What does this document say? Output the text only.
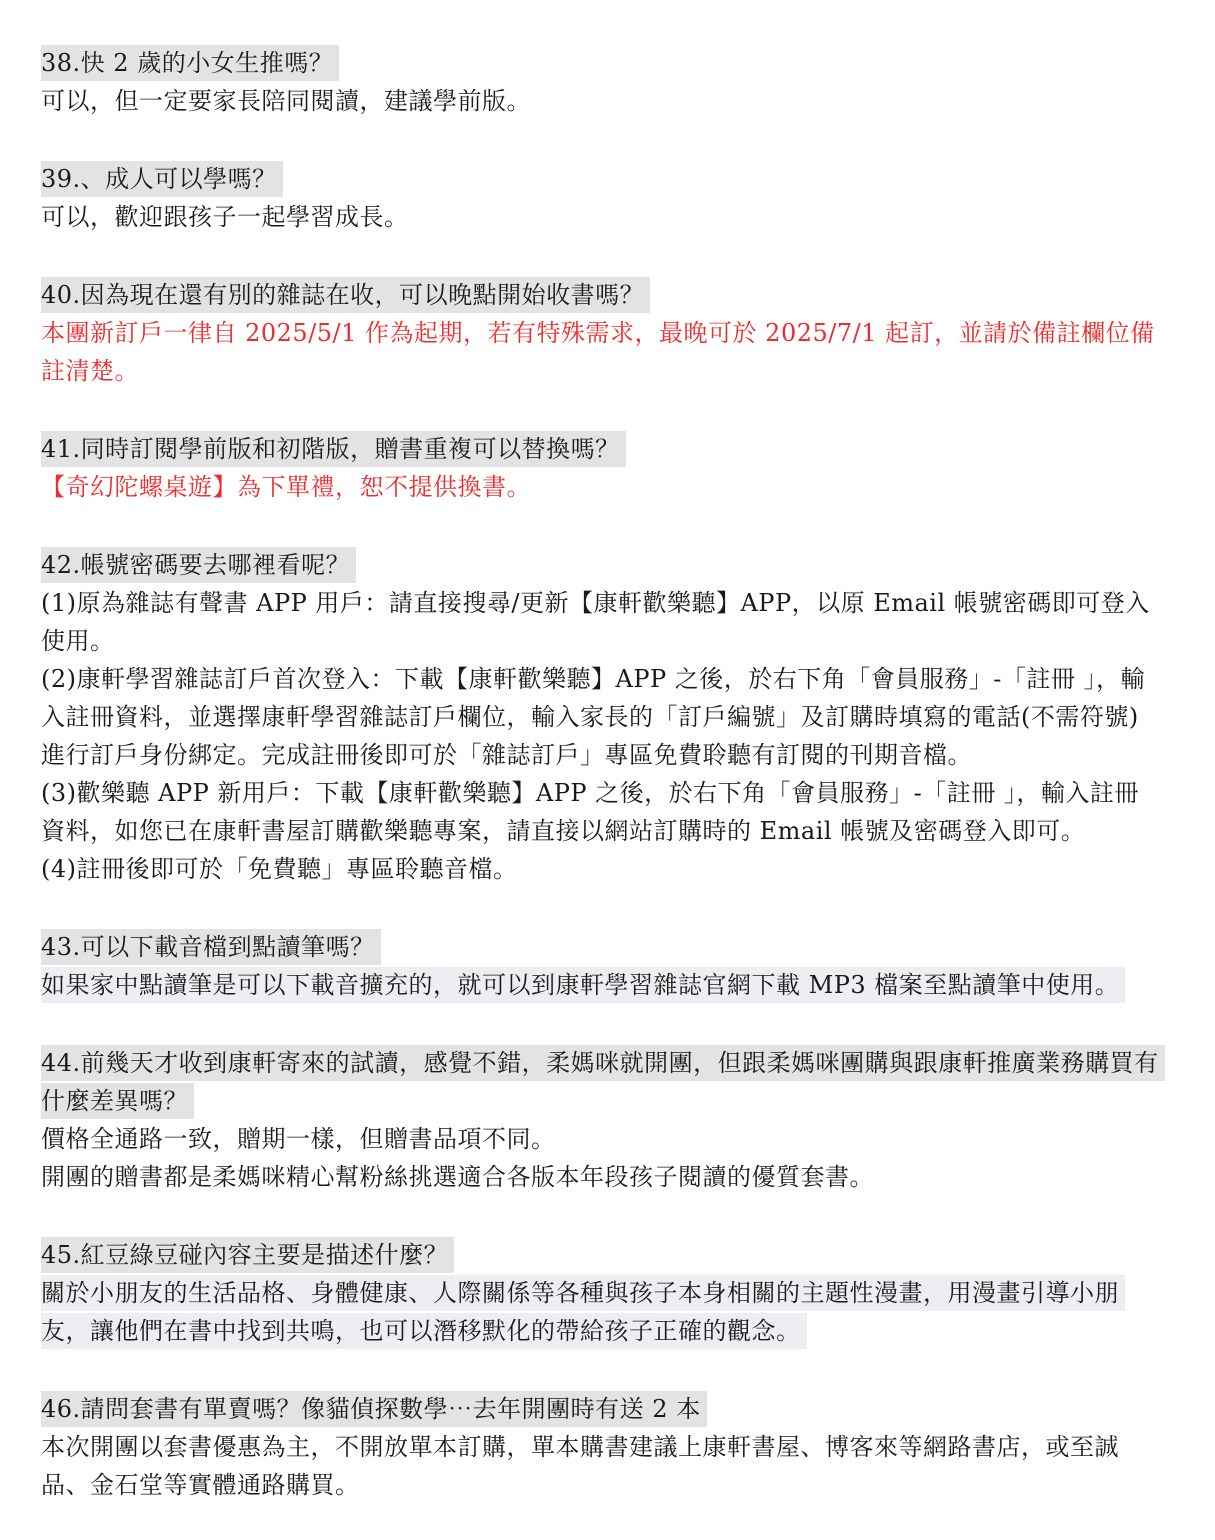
38.快 2 歲的小女生推嗎？

可以，但一定要家長陪同閱讀，建議學前版。

39.、成人可以學嗎？

可以，歡迎跟孩子一起學習成長。

40.因為現在還有別的雜誌在收，可以晚點開始收書嗎？

本團新訂戶一律自 2025/5/1 作為起期，若有特殊需求，最晚可於 2025/7/1 起訂，並請於備註欄位備註清楚。

41.同時訂閱學前版和初階版，贈書重複可以替換嗎？

【奇幻陀螺桌遊】為下單禮，恕不提供換書。

42.帳號密碼要去哪裡看呢？

(1)原為雜誌有聲書 APP 用戶：請直接搜尋/更新【康軒歡樂聽】APP，以原 Email 帳號密碼即可登入使用。

(2)康軒學習雜誌訂戶首次登入：下載【康軒歡樂聽】APP 之後，於右下角「會員服務」-「註冊 」，輸入註冊資料，並選擇康軒學習雜誌訂戶欄位，輸入家長的「訂戶編號」及訂購時填寫的電話(不需符號)進行訂戶身份綁定。完成註冊後即可於「雜誌訂戶」專區免費聆聽有訂閱的刊期音檔。

(3)歡樂聽 APP 新用戶：下載【康軒歡樂聽】APP 之後，於右下角「會員服務」-「註冊 」，輸入註冊資料，如您已在康軒書屋訂購歡樂聽專案，請直接以網站訂購時的 Email 帳號及密碼登入即可。

(4)註冊後即可於「免費聽」專區聆聽音檔。

43.可以下載音檔到點讀筆嗎？

如果家中點讀筆是可以下載音擴充的，就可以到康軒學習雜誌官網下載 MP3 檔案至點讀筆中使用。

44.前幾天才收到康軒寄來的試讀，感覺不錯，柔媽咪就開團，但跟柔媽咪團購與跟康軒推廣業務購買有什麼差異嗎？

價格全通路一致，贈期一樣，但贈書品項不同。

開團的贈書都是柔媽咪精心幫粉絲挑選適合各版本年段孩子閱讀的優質套書。

45.紅豆綠豆碰內容主要是描述什麼？

關於小朋友的生活品格、身體健康、人際關係等各種與孩子本身相關的主題性漫畫，用漫畫引導小朋友，讓他們在書中找到共鳴，也可以潛移默化的帶給孩子正確的觀念。

46.請問套書有單賣嗎？像貓偵探數學⋯去年開團時有送 2 本

本次開團以套書優惠為主，不開放單本訂購，單本購書建議上康軒書屋、博客來等網路書店，或至誠品、金石堂等實體通路購買。
